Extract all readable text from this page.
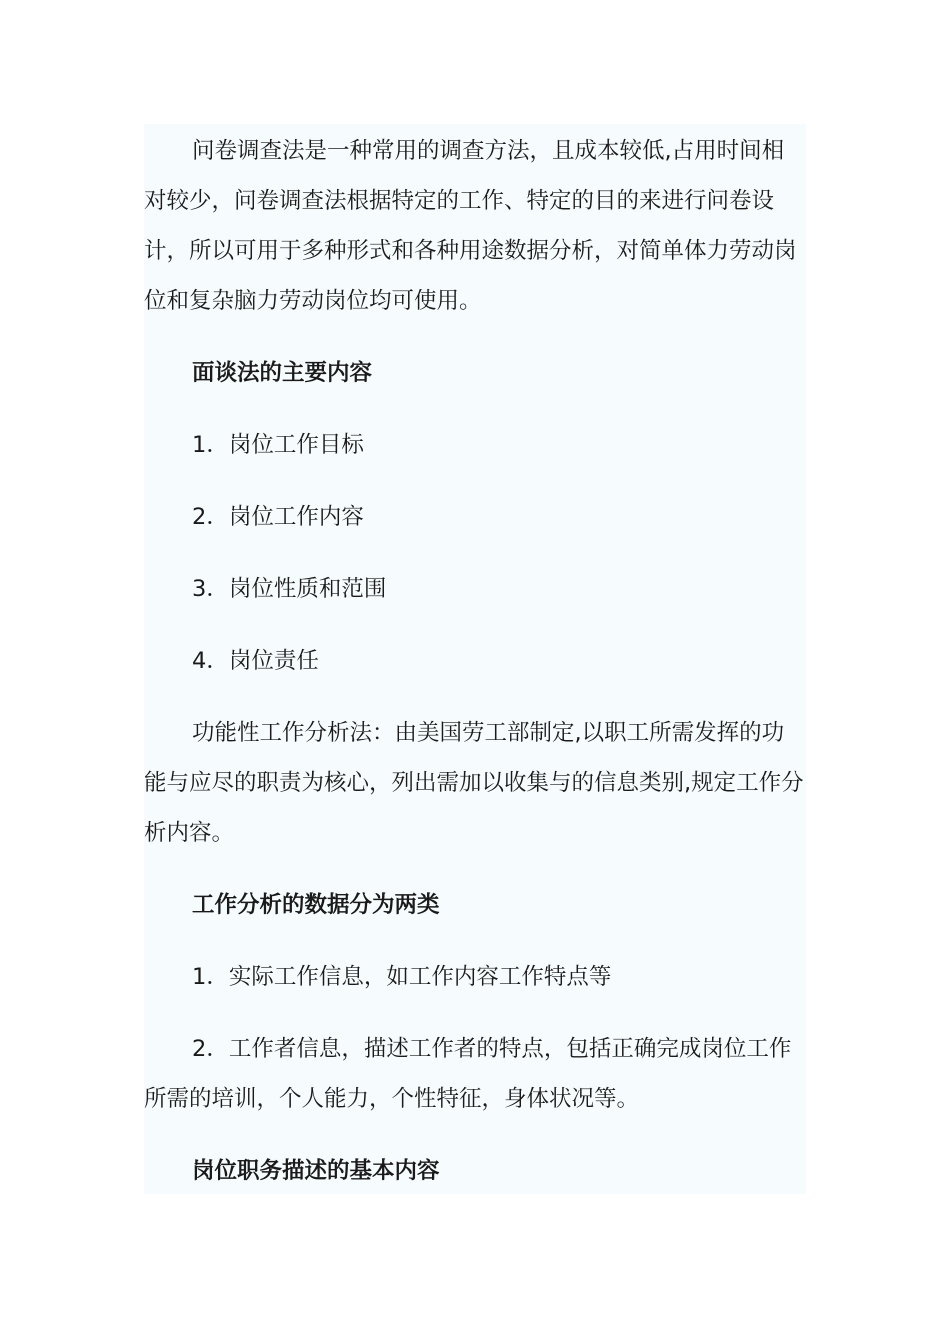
问卷调查法是一种常用的调查方法，且成本较低,占用时间相对较少，问卷调查法根据特定的工作、特定的目的来进行问卷设计，所以可用于多种形式和各种用途数据分析，对简单体力劳动岗位和复杂脑力劳动岗位均可使用。

面谈法的主要内容

1．岗位工作目标

2．岗位工作内容

3．岗位性质和范围

4．岗位责任

功能性工作分析法：由美国劳工部制定,以职工所需发挥的功能与应尽的职责为核心，列出需加以收集与的信息类别,规定工作分析内容。

工作分析的数据分为两类

1．实际工作信息，如工作内容工作特点等

2．工作者信息，描述工作者的特点，包括正确完成岗位工作所需的培训，个人能力，个性特征，身体状况等。

岗位职务描述的基本内容
